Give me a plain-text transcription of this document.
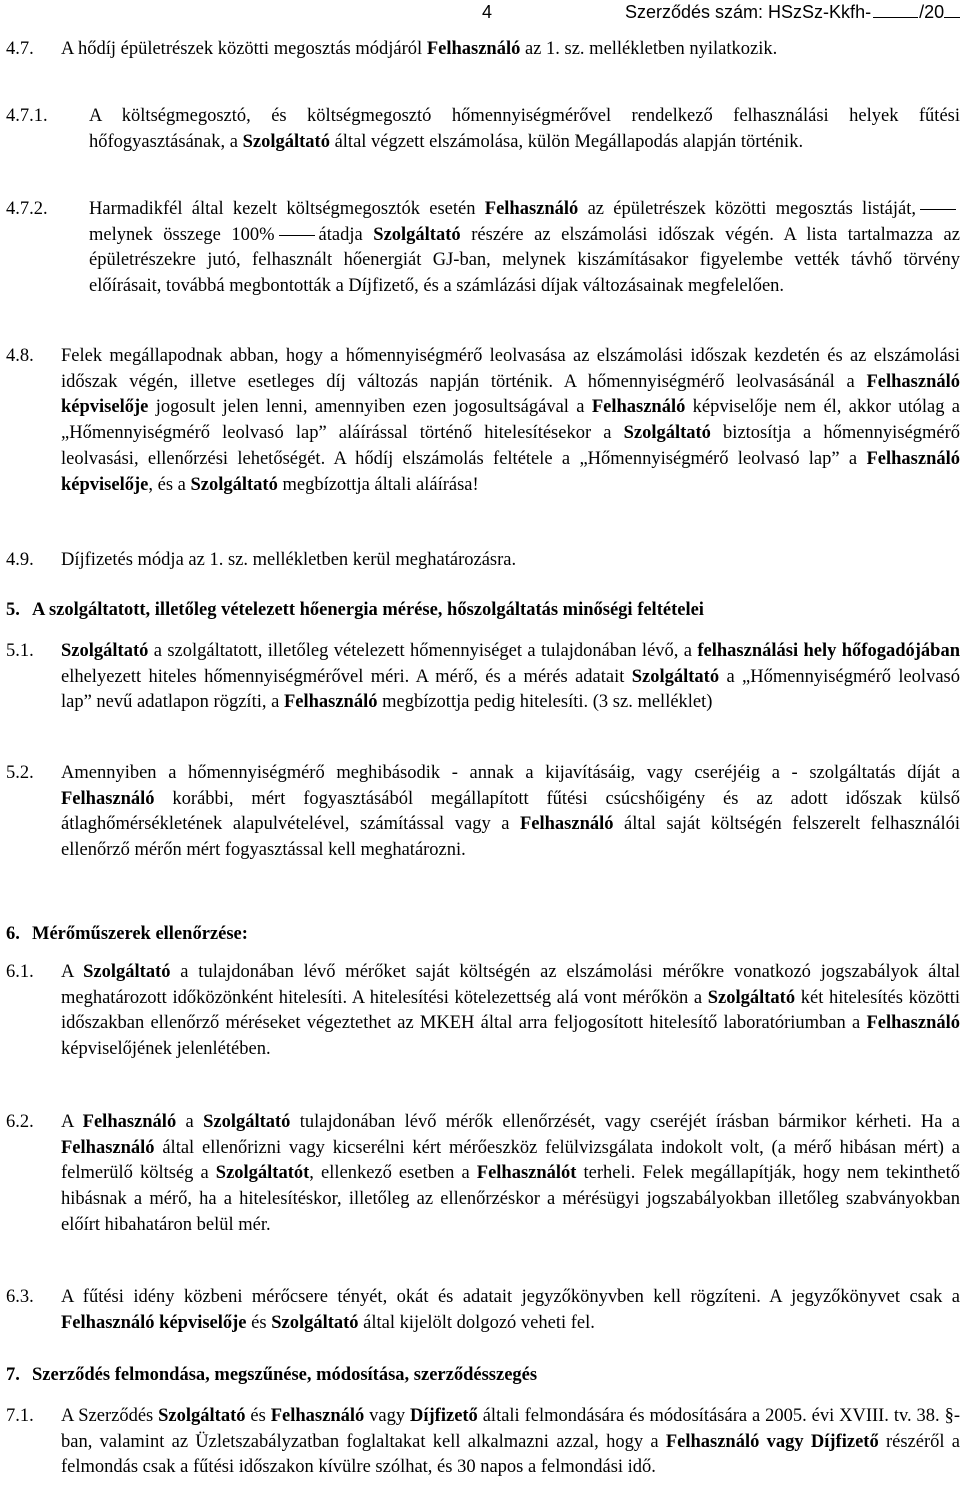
4	Szerződés szám: HSzSz-Kkfh-	/20
4.7. A hődíj épületrészek közötti megosztás módjáról Felhasználó az 1. sz. mellékletben nyilatkozik.
4.7.1. A költségmegosztó, és költségmegosztó hőmennyiségmérővel rendelkező felhasználási helyek fűtési hőfogyasztásának, a Szolgáltató által végzett elszámolása, külön Megállapodás alapján történik.
4.7.2. Harmadikfél által kezelt költségmegosztók esetén Felhasználó az épületrészek közötti megosztás listáját,melynek összege 100% átadja Szolgáltató részére az elszámolási időszak végén. A lista tartalmazza az épületrészekre jutó, felhasznált hőenergiát GJ-ban, melynek kiszámításakor figyelembe vették távhő törvény előírásait, továbbá megbontották a Díjfizető, és a számlázási díjak változásainak megfelelően.
4.8. Felek megállapodnak abban, hogy a hőmennyiségmérő leolvasása az elszámolási időszak kezdetén és az elszámolási időszak végén, illetve esetleges díj változás napján történik. A hőmennyiségmérő leolvasásánál a Felhasználó képviselője jogosult jelen lenni, amennyiben ezen jogosultságával a Felhasználó képviselője nem él, akkor utólag a „Hőmennyiségmérő leolvasó lap” aláírással történő hitelesítésekor a Szolgáltató biztosítja a hőmennyiségmérő leolvasási, ellenőrzési lehetőségét. A hődíj elszámolás feltétele a „Hőmennyiségmérő leolvasó lap” a Felhasználó képviselője, és a Szolgáltató megbízottja általi aláírása!
4.9. Díjfizetés módja az 1. sz. mellékletben kerül meghatározásra.
5. A szolgáltatott, illetőleg vételezett hőenergia mérése, hőszolgáltatás minőségi feltételei
5.1. Szolgáltató a szolgáltatott, illetőleg vételezett hőmennyiséget a tulajdonában lévő, a felhasználási hely hőfogadójában elhelyezett hiteles hőmennyiségmérővel méri. A mérő, és a mérés adatait Szolgáltató a „Hőmennyiségmérő leolvasó lap” nevű adatlapon rögzíti, a Felhasználó megbízottja pedig hitelesíti. (3 sz. melléklet)
5.2. Amennyiben a hőmennyiségmérő meghibásodik - annak a kijavításáig, vagy cseréjéig a - szolgáltatás díját a Felhasználó korábbi, mért fogyasztásából megállapított fűtési csúcshőigény és az adott időszak külső átlaghőmérsékletének alapulvételével, számítással vagy a Felhasználó által saját költségén felszerelt felhasználói ellenőrző mérőn mért fogyasztással kell meghatározni.
6. Mérőműszerek ellenőrzése:
6.1. A Szolgáltató a tulajdonában lévő mérőket saját költségén az elszámolási mérőkre vonatkozó jogszabályok által meghatározott időközönként hitelesíti. A hitelesítési kötelezettség alá vont mérőkön a Szolgáltató két hitelesítés közötti időszakban ellenőrző méréseket végeztethet az MKEH által arra feljogosított hitelesítő laboratóriumban a Felhasználó képviselőjének jelenlétében.
6.2. A Felhasználó a Szolgáltató tulajdonában lévő mérők ellenőrzését, vagy cseréjét írásban bármikor kérheti. Ha a Felhasználó által ellenőrizni vagy kicserélni kért mérőeszköz felülvizsgálata indokolt volt, (a mérő hibásan mért) a felmerülő költség a Szolgáltatót, ellenkező esetben a Felhasználót terheli. Felek megállapítják, hogy nem tekinthető hibásnak a mérő, ha a hitelesítéskor, illetőleg az ellenőrzéskor a mérésügyi jogszabályokban illetőleg szabványokban előírt hibahatáron belül mér.
6.3. A fűtési idény közbeni mérőcsere tényét, okát és adatait jegyzőkönyvben kell rögzíteni. A jegyzőkönyvet csak a Felhasználó képviselője és Szolgáltató által kijelölt dolgozó veheti fel.
7. Szerződés felmondása, megszűnése, módosítása, szerződésszegés
7.1. A Szerződés Szolgáltató és Felhasználó vagy Díjfizető általi felmondására és módosítására a 2005. évi XVIII. tv. 38. §-ban, valamint az Üzletszabályzatban foglaltakat kell alkalmazni azzal, hogy a Felhasználó vagy Díjfizető részéről a felmondás csak a fűtési időszakon kívülre szólhat, és 30 napos a felmondási idő.
